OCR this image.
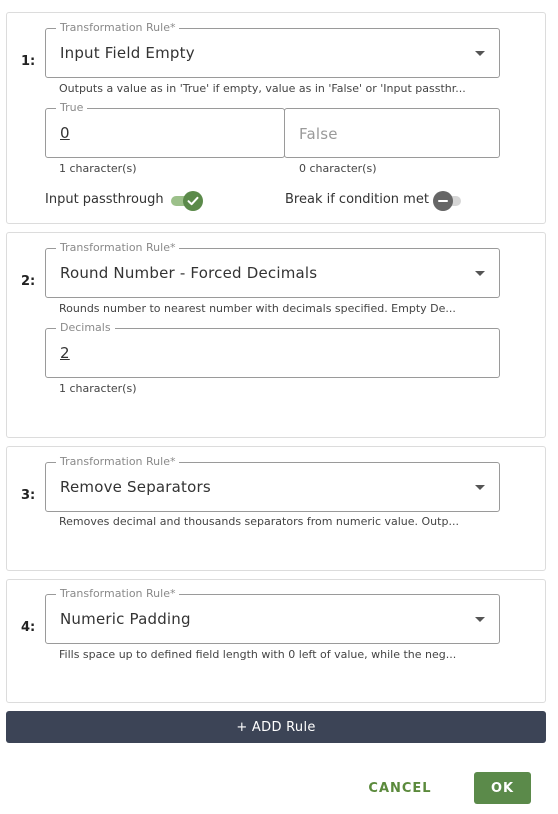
1:
Transformation Rule*
Input Field Empty
Outputs a value as in 'True' if empty, value as in 'False' or 'Input passthr...
True
0
1 character(s)
False
0 character(s)
Input passthrough	Break if condition met
2:
Transformation Rule*
Round Number - Forced Decimals
Rounds number to nearest number with decimals specified. Empty De...
Decimals
2
1 character(s)
3:
Transformation Rule*
Remove Separators
Removes decimal and thousands separators from numeric value. Outp...
4:
Transformation Rule*
Numeric Padding
Fills space up to defined field length with 0 left of value, while the neg...
+ ADD Rule
CANCEL	OK
